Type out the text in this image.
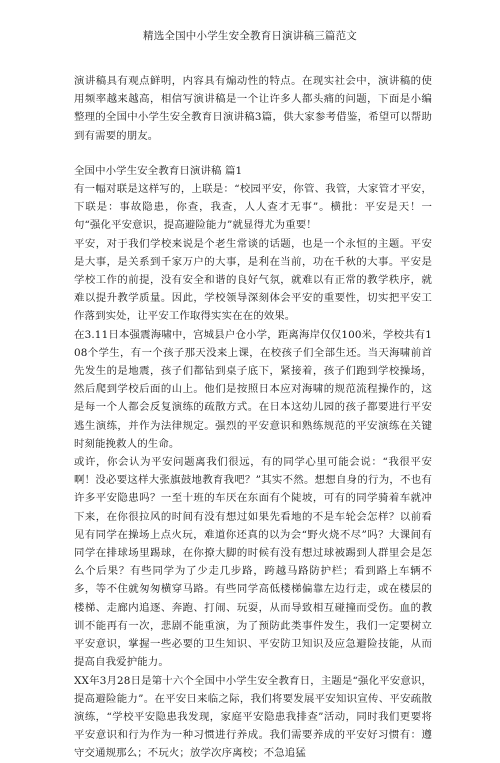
精选全国中小学生安全教育日演讲稿三篇范文

演讲稿具有观点鲜明，内容具有煽动性的特点。在现实社会中，演讲稿的使用频率越来越高，相信写演讲稿是一个让许多人都头痛的问题，下面是小编整理的全国中小学生安全教育日演讲稿3篇，供大家参考借鉴，希望可以帮助到有需要的朋友。

全国中小学生安全教育日演讲稿 篇1

有一幅对联是这样写的，上联是：“校园平安，你管、我管，大家管才平安，下联是：事故隐患，你查，我查，人人查才无事”。横批：平安是天！一句“强化平安意识，提高避险能力”就显得尤为重要！

平安，对于我们学校来说是个老生常谈的话题，也是一个永恒的主题。平安是大事，是关系到千家万户的大事，是利在当前，功在千秋的大事。平安是学校工作的前提，没有安全和谐的良好气氛，就难以有正常的教学秩序，就难以提升教学质量。因此，学校领导深刻体会平安的重要性，切实把平安工作落到实处，让平安工作取得实实在在的效果。

在3.11日本强震海啸中，宫城县户仓小学，距离海岸仅仅100米，学校共有108个学生，有一个孩子那天没来上课，在校孩子们全部生还。当天海啸前首先发生的是地震，孩子们都钻到桌子底下，紧接着，孩子们跑到学校操场，然后爬到学校后面的山上。他们是按照日本应对海啸的规范流程操作的，这是每一个人都会反复演练的疏散方式。在日本这幼儿园的孩子都要进行平安逃生演练，并作为法律规定。强烈的平安意识和熟练规范的平安演练在关键时刻能挽救人的生命。

或许，你会认为平安问题离我们很远，有的同学心里可能会说：“我很平安啊！没必要这样大张旗鼓地教育我吧？”其实不然。想想自身的行为，不也有许多平安隐患吗？一至十班的车厌在东面有个陡坡，可有的同学骑着车就冲下来，在你很拉风的时间有没有想过如果先看地的不是车轮会怎样？以前看见有同学在操场上点火玩，难道你还真的以为会“野火烧不尽”吗？大课间有同学在排球场里踢球，在你撩大脚的时候有没有想过球被踢到人群里会是怎么个后果？有些同学为了少走几步路，跨越马路防护栏；看到路上车辆不多，等不住就匆匆横穿马路。有些同学高低楼梯偏靠左边行走，或在楼层的楼梯、走廊内追逐、奔跑、打闹、玩耍，从而导致相互碰撞而受伤。血的教训不能再有一次，悲剧不能重演，为了预防此类事件发生，我们一定要树立平安意识，掌握一些必要的卫生知识、平安防卫知识及应急避险技能，从而提高自我爱护能力。

XX年3月28日是第十六个全国中小学生安全教育日，主题是“强化平安意识，提高避险能力”。在平安日来临之际，我们将要发展平安知识宣传、平安疏散演练，“学校平安隐患我发现，家庭平安隐患我排查”活动，同时我们更要将平安意识和行为作为一种习惯进行养成。我们需要养成的平安好习惯有：遵守交通规那么；不玩火；放学次序离校；不急追猛
